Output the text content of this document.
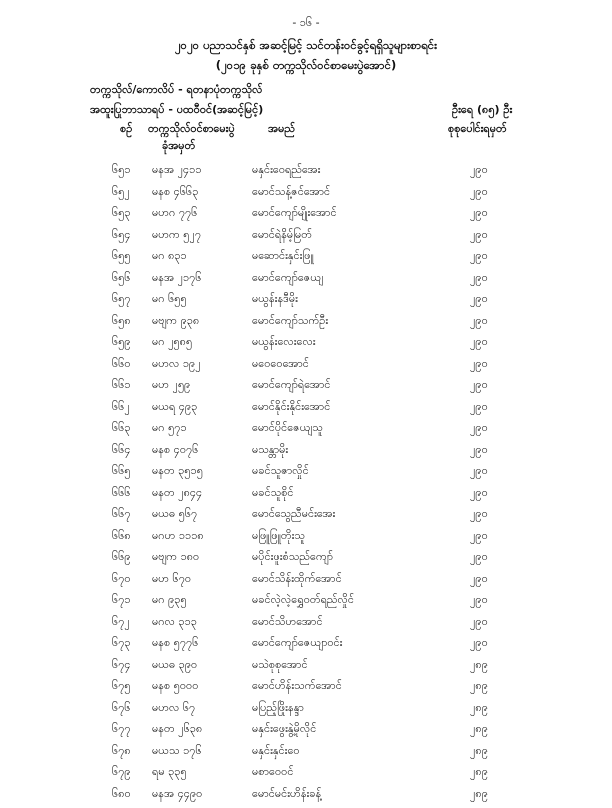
- ၁၆ -
၂၀၂၀ ပညာသင်နှစ် အဆင့်မြင့် သင်တန်းဝင်ခွင့်ရရှိသူများစာရင်း
(၂၀၁၉ ခုနှစ် တက္ကသိုလ်ဝင်စာမေးပွဲအောင်)
တက္ကသိုလ်/ကောလိပ် - ရတနာပုံတက္ကသိုလ်
အထူးပြုဘာသာရပ် - ပထဝီဝင်(အဆင့်မြင့်)	ဦးရေ (၈၅) ဦး
စဉ် တက္ကသိုလ်ဝင်စာမေးပွဲ
ခုံအမှတ်
အမည်	စုစုပေါင်းရမှတ်
၆၅၁ မနအ ၂၄၁၁	မနှင်းဝေရည်အေး	၂၉၀
၆၅၂ မနစ ၄၆၆၃	မောင်သန့်ဇင်အောင်	၂၉၀
၆၅၃ မဟဂ ၇၇၆	မောင်ကျော်မျိုးအောင်	၂၉၀
၆၅၄ မဟက ၅၂၇	မောင်ရဲနိမ့်မြတ်	၂၉၀
၆၅၅ မဂ ၈၃၁	မဆောင်းနှင်းဖြူ	၂၉၀
၆၅၆ မနအ ၂၁၇၆	မောင်ကျော်ဇေယျ	၂၉၀
၆၅၇ မဂ ၆၅၅	မယွန်းနဒီမိုး	၂၉၀
၆၅၈ မဗျက ၉၃၈	မောင်ကျော်သက်ဦး	၂၉၀
၆၅၉ မဂ ၂၅၈၅	မယွန်းလေးလေး	၂၉၀
၆၆၀ မဟလ ၁၉၂	မဝေဝေအောင်	၂၉၀
၆၆၁ မဟ ၂၅၉	မောင်ကျော်ရဲအောင်	၂၉၀
၆၆၂ မယရ ၄၉၃	မောင်နိုင်းနိုင်းအောင်	၂၉၀
၆၆၃ မဂ ၅၇၁	မောင်ပိုင်ဇေယျသူ	၂၉၀
၆၆၄ မနစ ၄၀၇၆	မသန္တာမိုး	၂၉၀
၆၆၅ မနတ ၃၅၁၅	မခင်သူဇာလှိုင်	၂၉၀
၆၆၆ မနတ ၂၈၄၄	မခင်သူစိုင်	၂၉၀
၆၆၇ မယဓ ၅၆၇	မောင်သွေညီမင်းအေး	၂၉၀
၆၆၈ မဂဟ ၁၁၁၈	မဖြူဖြူတိုးသူ	၂၉၀
၆၆၉ မဗျက ၁၈၀	မပိုင်းဖူးစံသည်ကျော်	၂၉၀
၆၇၀ မဟ ၆၇၀	မောင်သိန်းထိုက်အောင်	၂၉၀
၆၇၁ မဂ ၉၃၅	မခင်လဲ့လဲ့ရွှေဝတ်ရည်လှိုင်	၂၉၀
၆၇၂ မဂလ ၃၁၃	မောင်သိဟအောင်	၂၉၀
၆၇၃ မနစ ၅၇၇၆	မောင်ကျော်ဇေယျာဝင်း	၂၉၀
၆၇၄ မယဓ ၃၉၀	မသဲစုစုအောင်	၂၈၉
၆၇၅ မနစ ၅၀၀၀	မောင်ဟိန်းသက်အောင်	၂၈၉
၆၇၆ မဟလ ၆၇	မပြည့်ဖြိုးနန္ဒာ	၂၈၉
၆၇၇ မနတ ၂၆၃၈	မနှင်းဖွေးနွဲ့မိုလိုင်	၂၈၉
၆၇၈ မယသ ၁၇၆	မနှင်းနှင်းဝေ	၂၈၉
၆၇၉ ရမ ၃၃၅	မစာဝေဝင်	၂၈၉
၆၈၀ မနအ ၄၄၉၀	မောင်မင်းဟိန်းခန့်	၂၈၉
